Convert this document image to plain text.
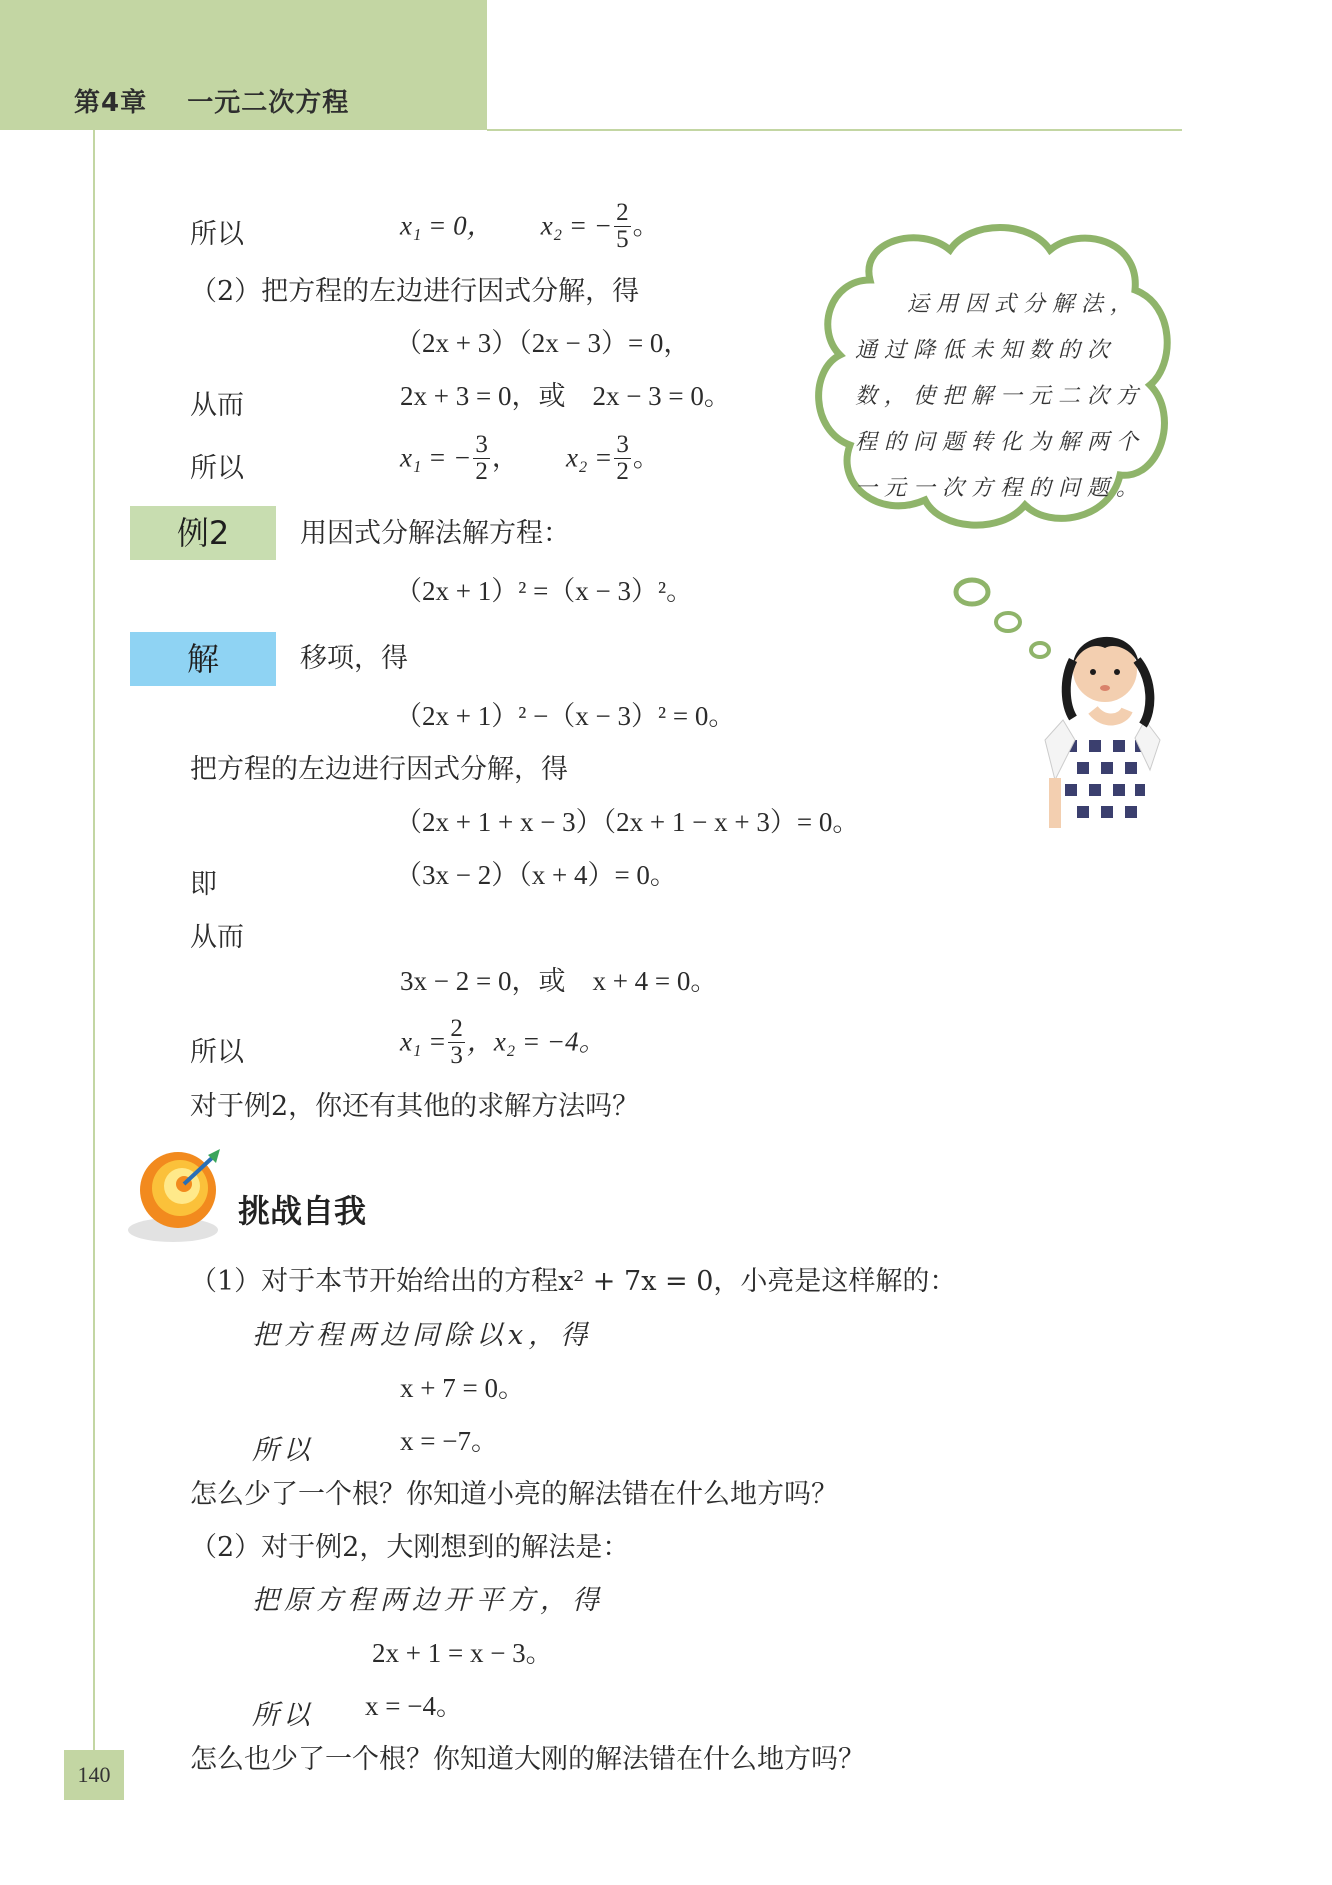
第4章 一元二次方程
所以	x₁ = 0， x₂ = − $\frac{2}{5}$ 。
（2）把方程的左边进行因式分解，得
（2x + 3）（2x − 3）= 0，
从而	2x + 3 = 0，或　2x − 3 = 0。
所以	x₁ = − $\frac{3}{2}$ ， $x_2 = \frac{3}{2}$ 。
运用因式分解法，
通过降低未知数的次
数，使把解一元二次方
程的问题转化为解两个
一元一次方程的问题。
例2	用因式分解法解方程：
（2x + 1）² =（x − 3）²。
解	移项，得
（2x + 1）² −（x − 3）² = 0。
把方程的左边进行因式分解，得
（2x + 1 + x − 3）（2x + 1 − x + 3）= 0。
即	（3x − 2）（x + 4）= 0。
从而
3x − 2 = 0，或　x + 4 = 0。
所以	$x_1 = \frac{2}{3}$ ，x₂ = −4。
对于例2，你还有其他的求解方法吗？
挑战自我
（1）对于本节开始给出的方程x² + 7x = 0，小亮是这样解的：
把方程两边同除以x，得
x + 7 = 0。
所以	x = −7。
怎么少了一个根？你知道小亮的解法错在什么地方吗？
（2）对于例2，大刚想到的解法是：
把原方程两边开平方，得
2x + 1 = x − 3。
所以 x = −4。
怎么也少了一个根？你知道大刚的解法错在什么地方吗？
140
